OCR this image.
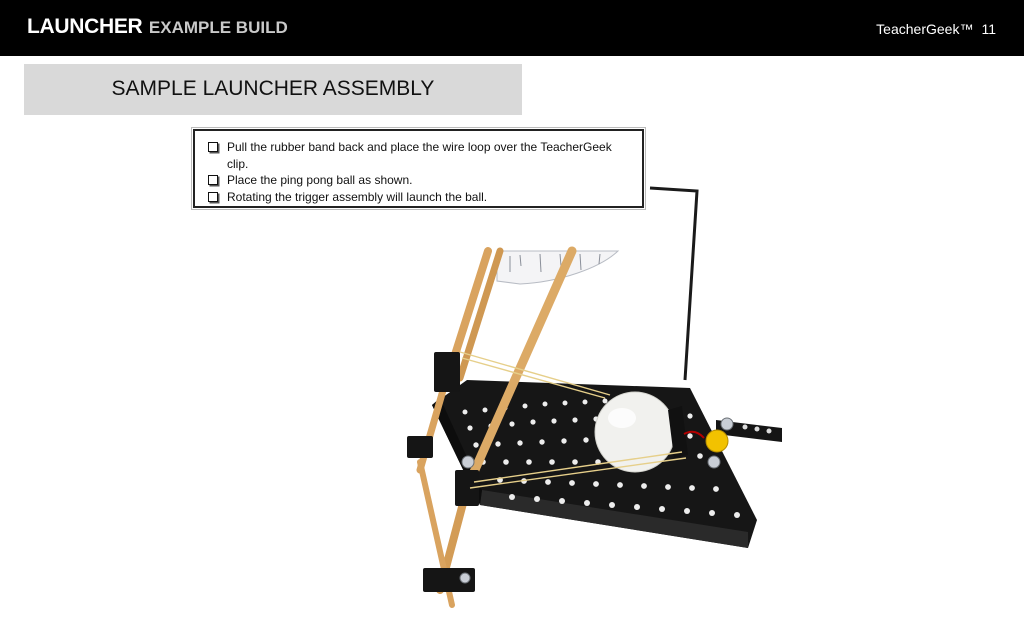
LAUNCHER EXAMPLE BUILD	TeacherGeek™ 11
SAMPLE LAUNCHER ASSEMBLY
Pull the rubber band back and place the wire loop over the TeacherGeek clip.
Place the ping pong ball as shown.
Rotating the trigger assembly will launch the ball.
